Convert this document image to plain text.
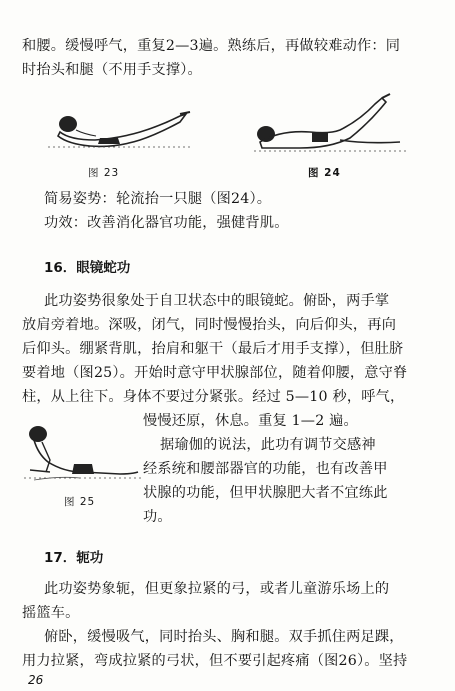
和腰。缓慢呼气，重复2—3遍。熟练后，再做较难动作：同
时抬头和腿（不用手支撑）。
图 23	图 24
简易姿势：轮流抬一只腿（图24）。
功效：改善消化器官功能，强健背肌。
16．眼镜蛇功
此功姿势很象处于自卫状态中的眼镜蛇。俯卧，两手掌
放肩旁着地。深吸，闭气，同时慢慢抬头，向后仰头，再向
后仰头。绷紧背肌，抬肩和躯干（最后才用手支撑），但肚脐
要着地（图25）。开始时意守甲状腺部位，随着仰腰，意守脊
柱，从上往下。身体不要过分紧张。经过 5—10 秒，呼气，
慢慢还原，休息。重复 1—2 遍。
据瑜伽的说法，此功有调节交感神
经系统和腰部器官的功能，也有改善甲
状腺的功能，但甲状腺肥大者不宜练此
功。
图 25
17．轭功
此功姿势象轭，但更象拉紧的弓，或者儿童游乐场上的
摇篮车。
俯卧，缓慢吸气，同时抬头、胸和腿。双手抓住两足踝，
用力拉紧，弯成拉紧的弓状，但不要引起疼痛（图26）。坚持
26
